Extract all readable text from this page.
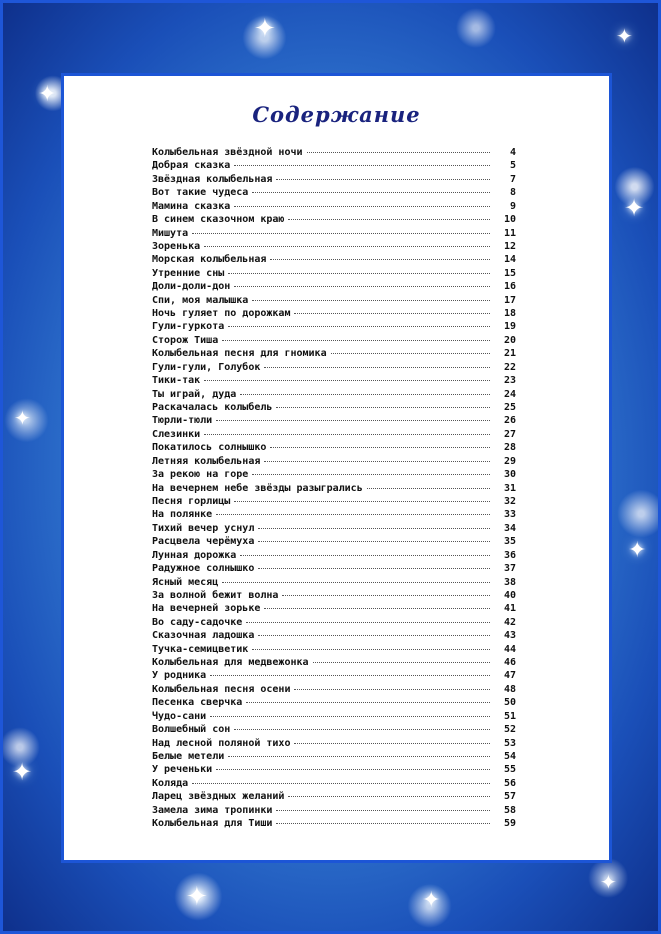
✦
✦	✦
✦
✦
✦
✦
✦	✦
✦
Содержание
Колыбельная звёздной ночи	4
Добрая сказка	5
Звёздная колыбельная	7
Вот такие чудеса	8
Мамина сказка	9
В синем сказочном краю	10
Мишута	11
Зоренька	12
Морская колыбельная	14
Утренние сны	15
Доли-доли-дон	16
Спи, моя малышка	17
Ночь гуляет по дорожкам	18
Гули-гуркота	19
Сторож Тиша	20
Колыбельная песня для гномика	21
Гули-гули, Голубок	22
Тики-так	23
Ты играй, дуда	24
Раскачалась колыбель	25
Тюрли-тюли	26
Слезинки	27
Покатилось солнышко	28
Летняя колыбельная	29
За рекою на горе	30
На вечернем небе звёзды разыгрались	31
Песня горлицы	32
На полянке	33
Тихий вечер уснул	34
Расцвела черёмуха	35
Лунная дорожка	36
Радужное солнышко	37
Ясный месяц	38
За волной бежит волна	40
На вечерней зорьке	41
Во саду-садочке	42
Сказочная ладошка	43
Тучка-семицветик	44
Колыбельная для медвежонка	46
У родника	47
Колыбельная песня осени	48
Песенка сверчка	50
Чудо-сани	51
Волшебный сон	52
Над лесной поляной тихо	53
Белые метели	54
У реченьки	55
Коляда	56
Ларец звёздных желаний	57
Замела зима тропинки	58
Колыбельная для Тиши	59
